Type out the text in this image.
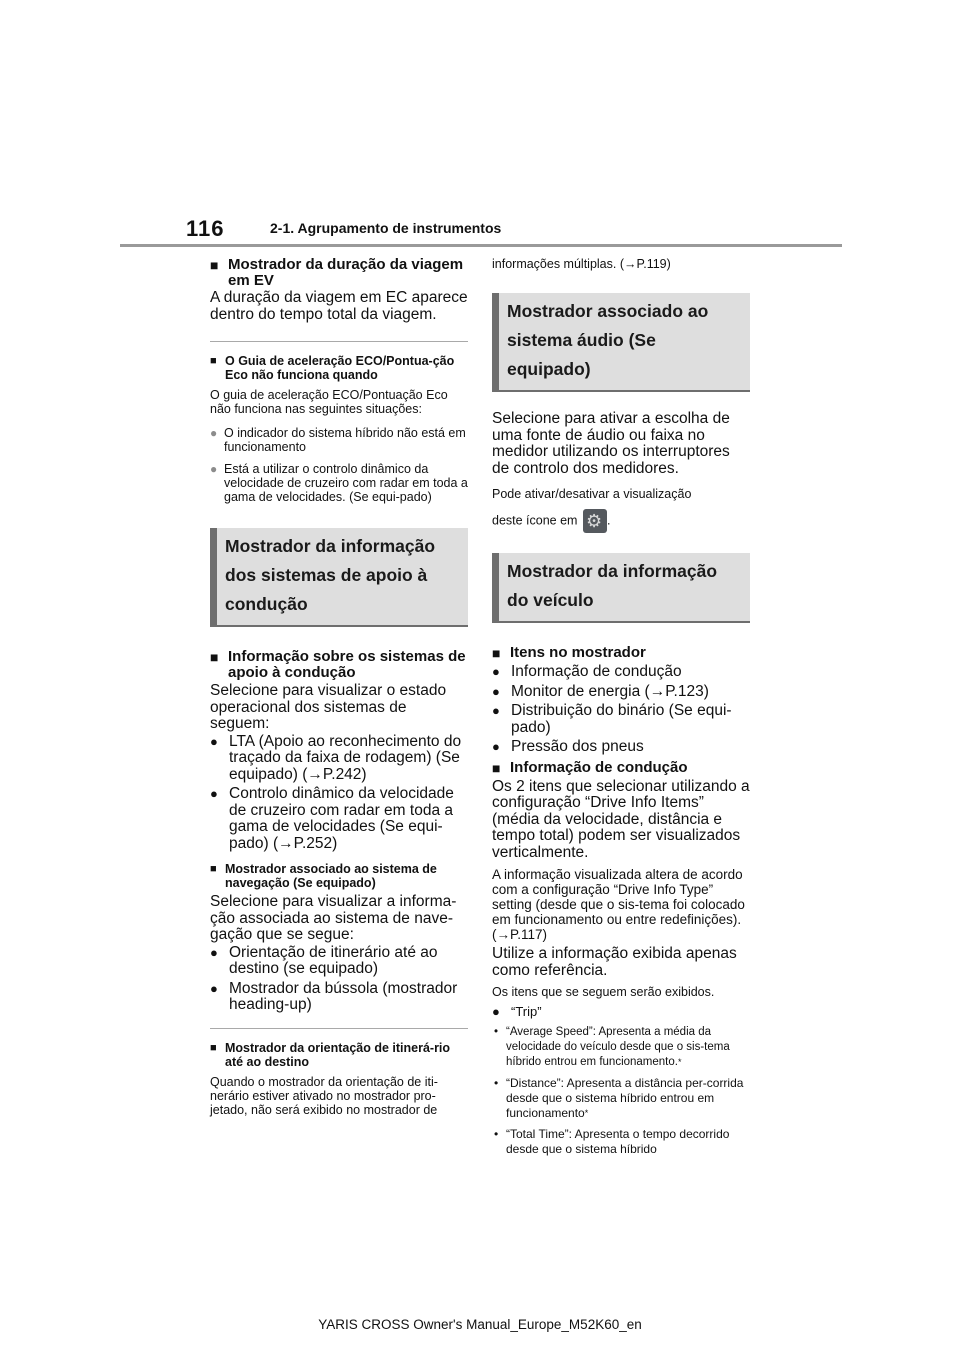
116	2-1. Agrupamento de instrumentos
■ Mostrador da duração da viagem em EV
A duração da viagem em EC aparece dentro do tempo total da viagem.
■ O Guia de aceleração ECO/Pontua-ção Eco não funciona quando
O guia de aceleração ECO/Pontuação Eco não funciona nas seguintes situações:
● O indicador do sistema híbrido não está em funcionamento
● Está a utilizar o controlo dinâmico da velocidade de cruzeiro com radar em toda a gama de velocidades. (Se equi-pado)
Mostrador da informação dos sistemas de apoio à condução
■ Informação sobre os sistemas de apoio à condução
Selecione para visualizar o estado operacional dos sistemas de seguem:
● LTA (Apoio ao reconhecimento do traçado da faixa de rodagem) (Se equipado) (→P.242)
● Controlo dinâmico da velocidade de cruzeiro com radar em toda a gama de velocidades (Se equi-pado) (→P.252)
■ Mostrador associado ao sistema de navegação (Se equipado)
Selecione para visualizar a informa-ção associada ao sistema de nave-gação que se segue:
● Orientação de itinerário até ao destino (se equipado)
● Mostrador da bússola (mostrador heading-up)
■ Mostrador da orientação de itinerá-rio até ao destino
Quando o mostrador da orientação de iti-nerário estiver ativado no mostrador pro-jetado, não será exibido no mostrador de
informações múltiplas. (→P.119)
Mostrador associado ao sistema áudio (Se equipado)
Selecione para ativar a escolha de uma fonte de áudio ou faixa no medidor utilizando os interruptores de controlo dos medidores.
Pode ativar/desativar a visualização
deste ícone em ⚙ .
Mostrador da informação do veículo
■ Itens no mostrador
● Informação de condução
● Monitor de energia (→P.123)
● Distribuição do binário (Se equi-pado)
● Pressão dos pneus
■ Informação de condução
Os 2 itens que selecionar utilizando a configuração “Drive Info Items” (média da velocidade, distância e tempo total) podem ser visualizados verticalmente.
A informação visualizada altera de acordo com a configuração “Drive Info Type” setting (desde que o sis-tema foi colocado em funcionamento ou entre redefinições). (→P.117)
Utilize a informação exibida apenas como referência.
Os itens que se seguem serão exibidos.
● “Trip”
• “Average Speed”: Apresenta a média da velocidade do veículo desde que o sis-tema híbrido entrou em funcionamento.*
• “Distance”: Apresenta a distância per-corrida desde que o sistema híbrido entrou em funcionamento*
• “Total Time”: Apresenta o tempo decorrido desde que o sistema híbrido
YARIS CROSS Owner's Manual_Europe_M52K60_en
